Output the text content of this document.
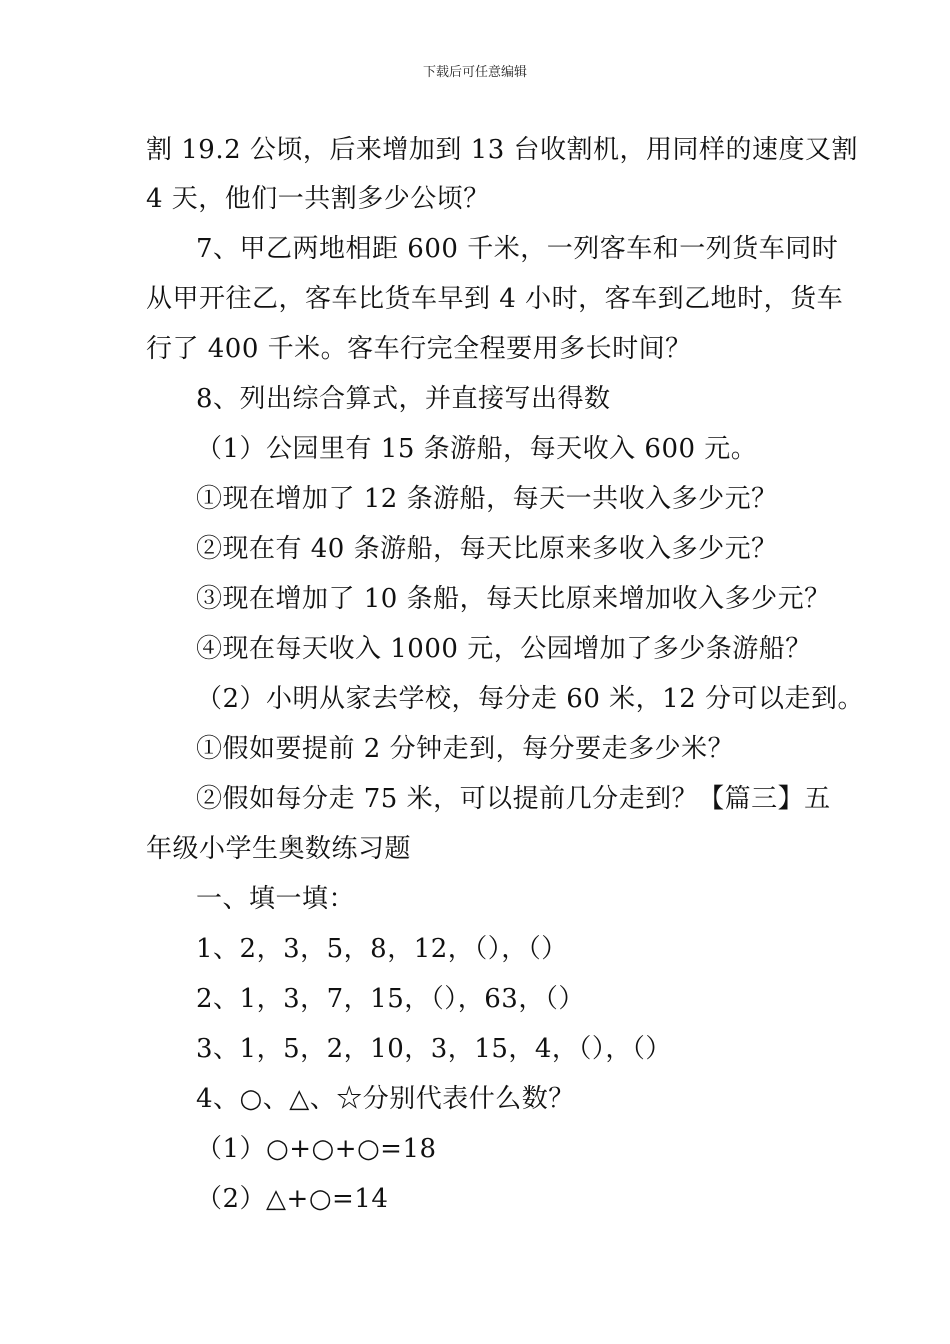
下载后可任意编辑
割 19.2 公顷，后来增加到 13 台收割机，用同样的速度又割
4 天，他们一共割多少公顷？
7、甲乙两地相距 600 千米，一列客车和一列货车同时
从甲开往乙，客车比货车早到 4 小时，客车到乙地时，货车
行了 400 千米。客车行完全程要用多长时间？
8、列出综合算式，并直接写出得数
（1）公园里有 15 条游船，每天收入 600 元。
①现在增加了 12 条游船，每天一共收入多少元？
②现在有 40 条游船，每天比原来多收入多少元？
③现在增加了 10 条船，每天比原来增加收入多少元？
④现在每天收入 1000 元，公园增加了多少条游船？
（2）小明从家去学校，每分走 60 米，12 分可以走到。
①假如要提前 2 分钟走到，每分要走多少米？
②假如每分走 75 米，可以提前几分走到？【篇三】五
年级小学生奥数练习题
一、填一填：
1、2，3，5，8，12，（），（）
2、1，3，7，15，（），63，（）
3、1，5，2，10，3，15，4，（），（）
4、○、△、☆分别代表什么数？
（1）○+○+○=18
（2）△+○=14
